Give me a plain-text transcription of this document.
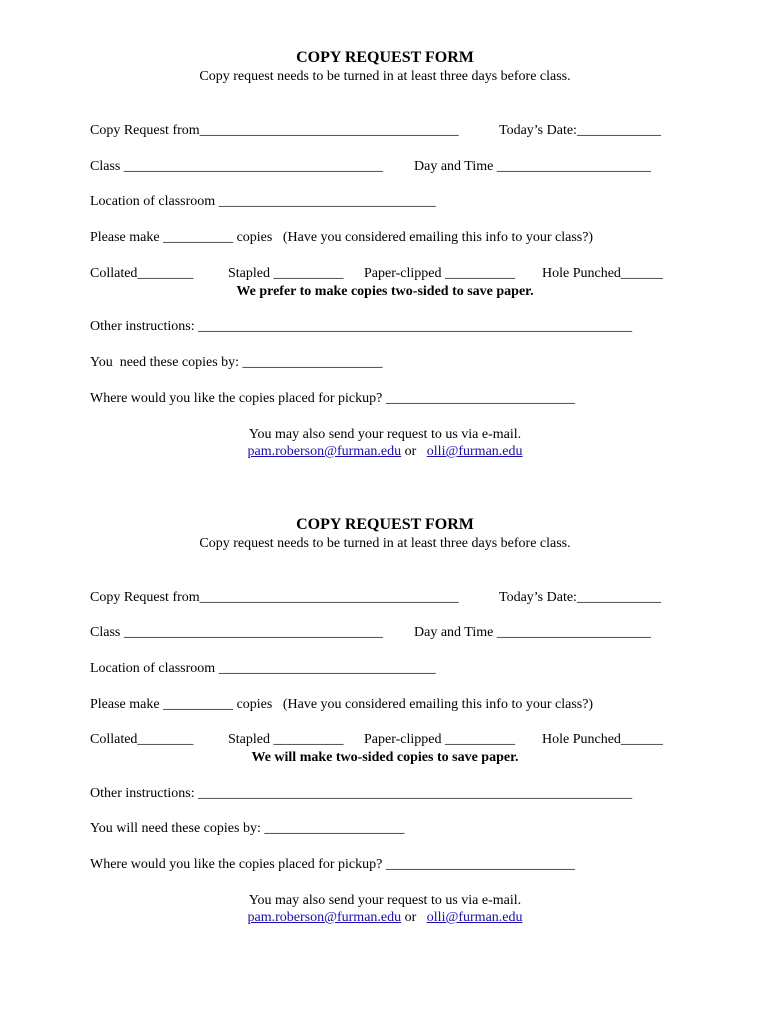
COPY REQUEST FORM
Copy request needs to be turned in at least three days before class.
Copy Request from_____________________________________	Today’s Date:____________
Class _____________________________________ Day and Time ______________________
Location of classroom _______________________________
Please make __________ copies   (Have you considered emailing this info to your class?)
Collated________ Stapled __________ Paper-clipped __________ Hole Punched______
We prefer to make copies two-sided to save paper.
Other instructions: ______________________________________________________________
You  need these copies by: ____________________
Where would you like the copies placed for pickup? ___________________________
You may also send your request to us via e-mail.
pam.roberson@furman.edu or olli@furman.edu
COPY REQUEST FORM
Copy request needs to be turned in at least three days before class.
Copy Request from_____________________________________	Today’s Date:____________
Class _____________________________________ Day and Time ______________________
Location of classroom _______________________________
Please make __________ copies   (Have you considered emailing this info to your class?)
Collated________ Stapled __________ Paper-clipped __________ Hole Punched______
We will make two-sided copies to save paper.
Other instructions: ______________________________________________________________
You will need these copies by: ____________________
Where would you like the copies placed for pickup? ___________________________
You may also send your request to us via e-mail.
pam.roberson@furman.edu or olli@furman.edu
